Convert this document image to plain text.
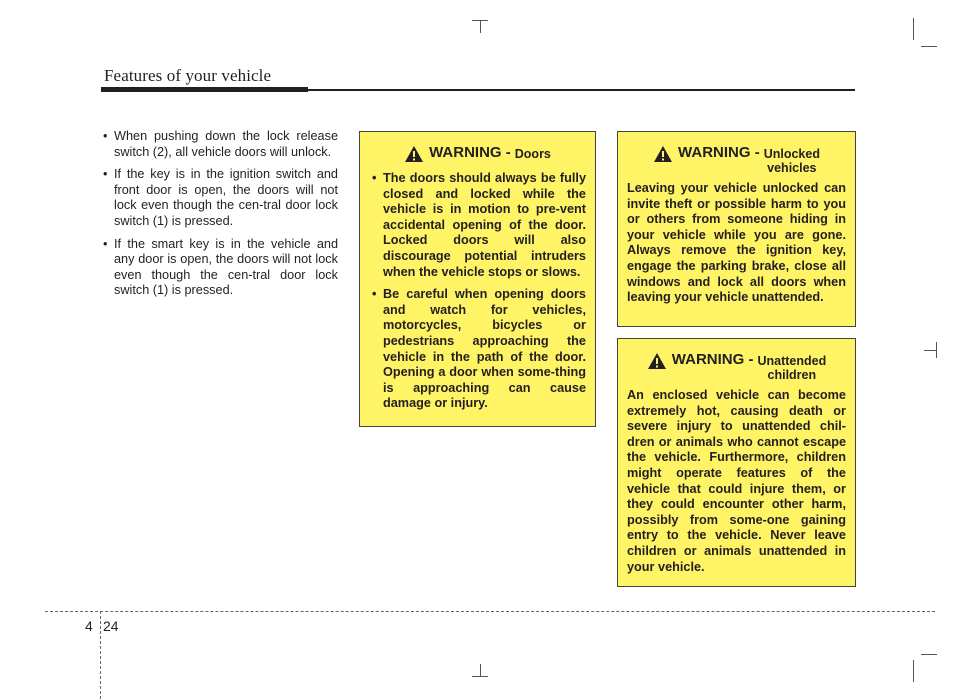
Features of your vehicle
• When pushing down the lock release switch (2), all vehicle doors will unlock.
• If the key is in the ignition switch and front door is open, the doors will not lock even though the cen-tral door lock switch (1) is pressed.
• If the smart key is in the vehicle and any door is open, the doors will not lock even though the cen-tral door lock switch (1) is pressed.
WARNING - Doors
• The doors should always be fully closed and locked while the vehicle is in motion to pre-vent accidental opening of the door. Locked doors will also discourage potential intruders when the vehicle stops or slows.
• Be careful when opening doors and watch for vehicles, motorcycles, bicycles or pedestrians approaching the vehicle in the path of the door. Opening a door when some-thing is approaching can cause damage or injury.
WARNING - Unlocked
vehicles
Leaving your vehicle unlocked can invite theft or possible harm to you or others from someone hiding in your vehicle while you are gone. Always remove the ignition key, engage the parking brake, close all windows and lock all doors when leaving your vehicle unattended.
WARNING - Unattended
children
An enclosed vehicle can become extremely hot, causing death or severe injury to unattended chil-dren or animals who cannot escape the vehicle. Furthermore, children might operate features of the vehicle that could injure them, or they could encounter other harm, possibly from some-one gaining entry to the vehicle. Never leave children or animals unattended in your vehicle.
4 24
